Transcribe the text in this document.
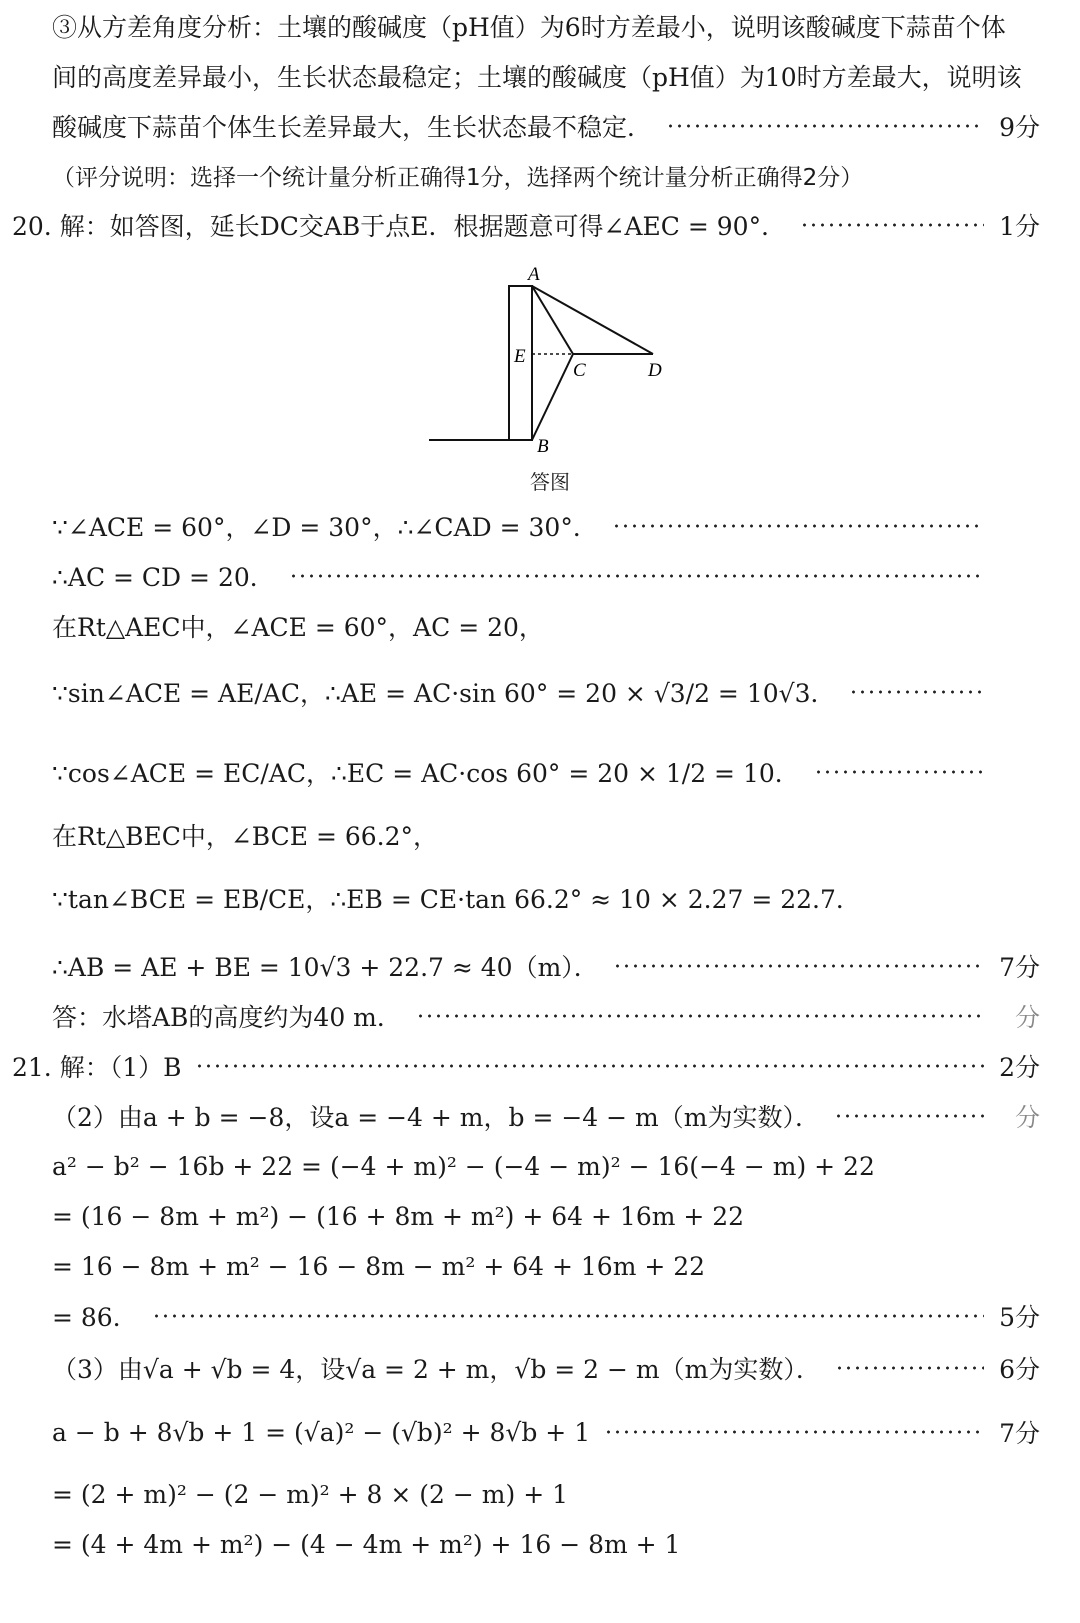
③从方差角度分析：土壤的酸碱度（pH值）为6时方差最小，说明该酸碱度下蒜苗个体
间的高度差异最小，生长状态最稳定；土壤的酸碱度（pH值）为10时方差最大，说明该
酸碱度下蒜苗个体生长差异最大，生长状态最不稳定．	9分
（评分说明：选择一个统计量分析正确得1分，选择两个统计量分析正确得2分）
20. 解：如答图，延长DC交AB于点E．根据题意可得∠AEC = 90°．	1分
A
E
C	D
B
答图
∵∠ACE = 60°，∠D = 30°，∴∠CAD = 30°．
∴AC = CD = 20．
在Rt△AEC中，∠ACE = 60°，AC = 20，
∵sin∠ACE = AE/AC，∴AE = AC·sin 60° = 20 × √3/2 = 10√3．
∵cos∠ACE = EC/AC，∴EC = AC·cos 60° = 20 × 1/2 = 10．
在Rt△BEC中，∠BCE = 66.2°，
∵tan∠BCE = EB/CE，∴EB = CE·tan 66.2° ≈ 10 × 2.27 = 22.7．
∴AB = AE + BE = 10√3 + 22.7 ≈ 40（m）．	7分
答：水塔AB的高度约为40 m．	分
21. 解：（1）B	2分
（2）由a + b = −8，设a = −4 + m，b = −4 − m（m为实数）．	分
a² − b² − 16b + 22 = (−4 + m)² − (−4 − m)² − 16(−4 − m) + 22
= (16 − 8m + m²) − (16 + 8m + m²) + 64 + 16m + 22
= 16 − 8m + m² − 16 − 8m − m² + 64 + 16m + 22
= 86．	5分
（3）由√a + √b = 4，设√a = 2 + m，√b = 2 − m（m为实数）．	6分
a − b + 8√b + 1 = (√a)² − (√b)² + 8√b + 1	7分
= (2 + m)² − (2 − m)² + 8 × (2 − m) + 1
= (4 + 4m + m²) − (4 − 4m + m²) + 16 − 8m + 1
